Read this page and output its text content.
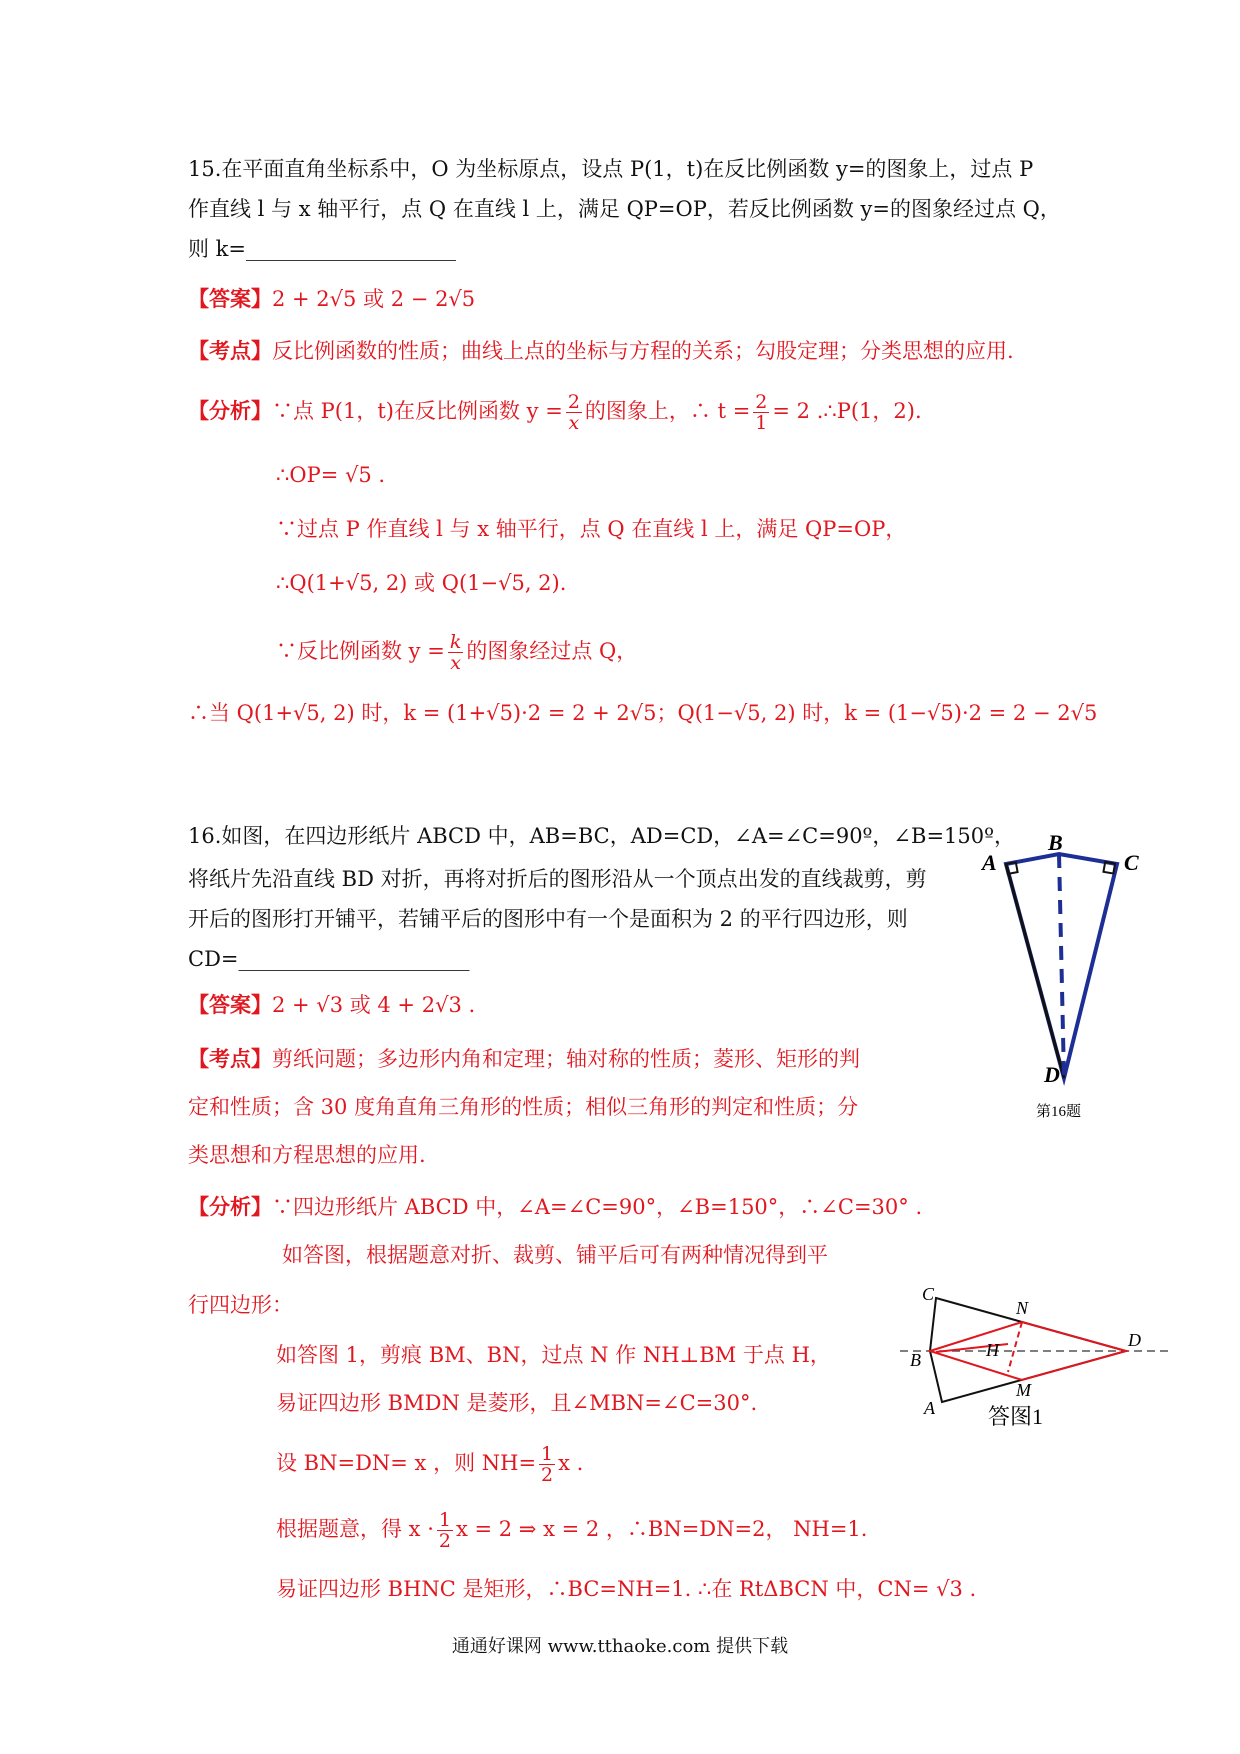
15.在平面直角坐标系中，O 为坐标原点，设点 P(1，t)在反比例函数 y=的图象上，过点 P
作直线 l 与 x 轴平行，点 Q 在直线 l 上，满足 QP=OP，若反比例函数 y=的图象经过点 Q，
则 k=____________________
【答案】2 + 2√5 或 2 − 2√5
【考点】反比例函数的性质；曲线上点的坐标与方程的关系；勾股定理；分类思想的应用.
【分析】∵点 P(1，t)在反比例函数 $y = \frac{2}{x}$ 的图象上，∴ $t = \frac{2}{1} = 2$ .∴P(1，2).
∴OP= √5 .
∵过点 P 作直线 l 与 x 轴平行，点 Q 在直线 l 上，满足 QP=OP，
∴Q(1+√5, 2) 或 Q(1−√5, 2).
∵反比例函数 $y = \frac{k}{x}$ 的图象经过点 Q，
∴当 Q(1+√5, 2) 时，k = (1+√5)·2 = 2 + 2√5；Q(1−√5, 2) 时，k = (1−√5)·2 = 2 − 2√5
16.如图，在四边形纸片 ABCD 中，AB=BC，AD=CD，∠A=∠C=90º，∠B=150º，
将纸片先沿直线 BD 对折，再将对折后的图形沿从一个顶点出发的直线裁剪，剪
开后的图形打开铺平，若铺平后的图形中有一个是面积为 2 的平行四边形，则
CD=______________________
【答案】2 + √3 或 4 + 2√3 .
【考点】剪纸问题；多边形内角和定理；轴对称的性质；菱形、矩形的判
定和性质；含 30 度角直角三角形的性质；相似三角形的判定和性质；分
类思想和方程思想的应用.
【分析】∵四边形纸片 ABCD 中，∠A=∠C=90°，∠B=150°，∴∠C=30° .
如答图，根据题意对折、裁剪、铺平后可有两种情况得到平
行四边形：
如答图 1，剪痕 BM、BN，过点 N 作 NH⊥BM 于点 H，
易证四边形 BMDN 是菱形，且∠MBN=∠C=30°.
设 BN=DN= x ，则 $NH= \frac{1}{2}$ x .
根据题意，得 $x \cdot \frac{1}{2}$ x = 2 ⇒ x = 2 ，∴BN=DN=2， NH=1.
易证四边形 BHNC 是矩形，∴BC=NH=1. ∴在 RtΔBCN 中，CN= √3 .
A
B
C
D
第16题
C
N
B	H	D
A
M
答图1
通通好课网 www.tthaoke.com 提供下载
